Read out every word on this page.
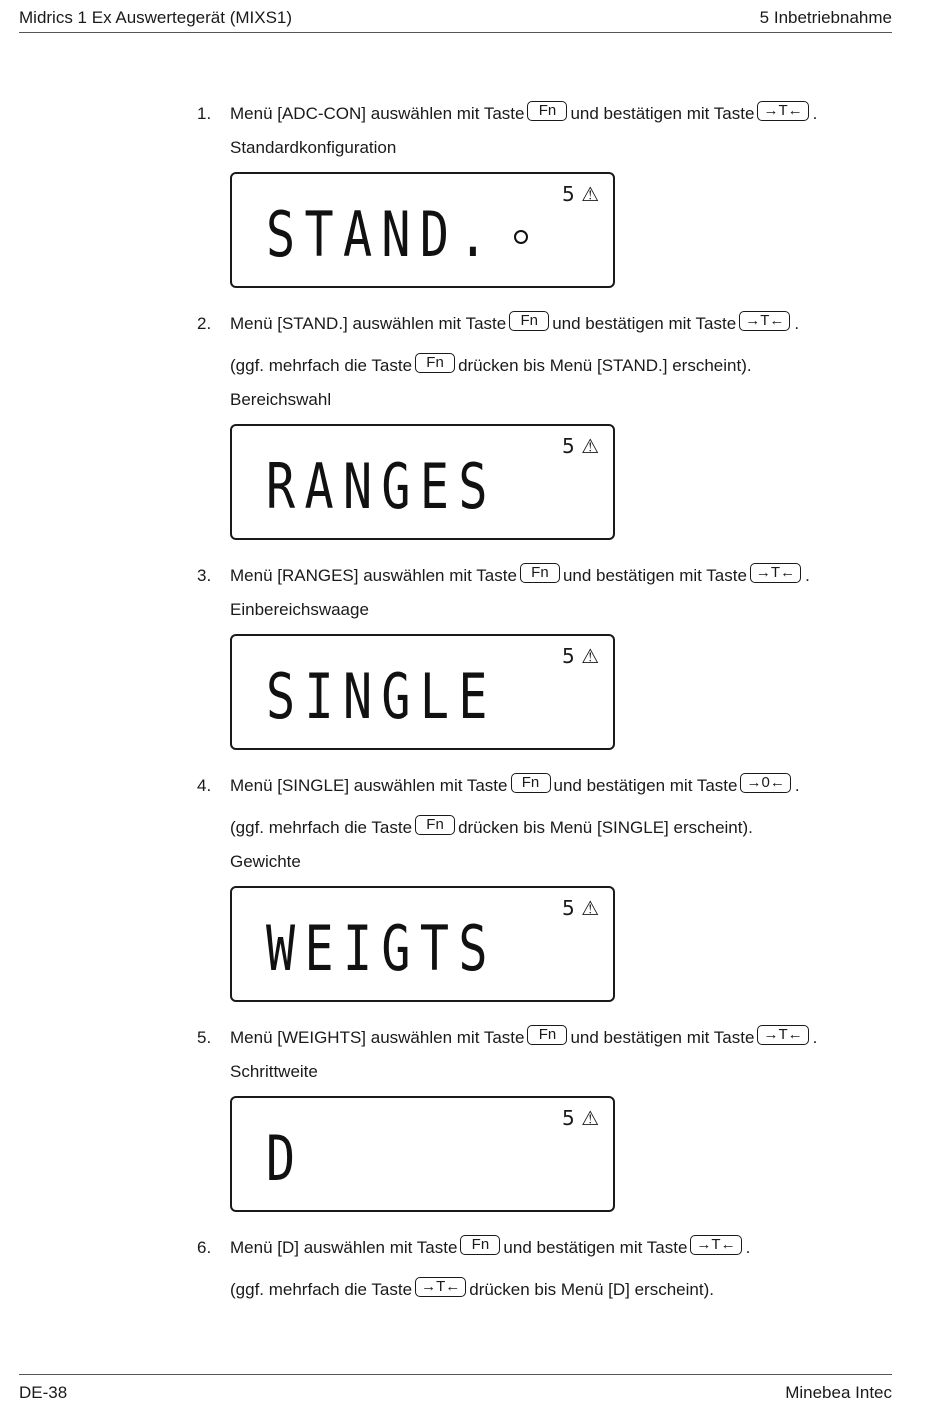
Midrics 1 Ex Auswertegerät (MIXS1)	5 Inbetriebnahme
1. Menü [ADC-CON] auswählen mit Taste Fn und bestätigen mit Taste →T← .
Standardkonfiguration
STAND.
5 ⚠
2. Menü [STAND.] auswählen mit Taste Fn und bestätigen mit Taste →T← .
(ggf. mehrfach die Taste Fn drücken bis Menü [STAND.] erscheint).
Bereichswahl
RANGES
5 ⚠
3. Menü [RANGES] auswählen mit Taste Fn und bestätigen mit Taste →T← .
Einbereichswaage
SINGLE
5 ⚠
4. Menü [SINGLE] auswählen mit Taste Fn und bestätigen mit Taste →0← .
(ggf. mehrfach die Taste Fn drücken bis Menü [SINGLE] erscheint).
Gewichte
WEIGTS
5 ⚠
5. Menü [WEIGHTS] auswählen mit Taste Fn und bestätigen mit Taste →T← .
Schrittweite
D
5 ⚠
6. Menü [D] auswählen mit Taste Fn und bestätigen mit Taste →T← .
(ggf. mehrfach die Taste →T← drücken bis Menü [D] erscheint).
DE-38	Minebea Intec
